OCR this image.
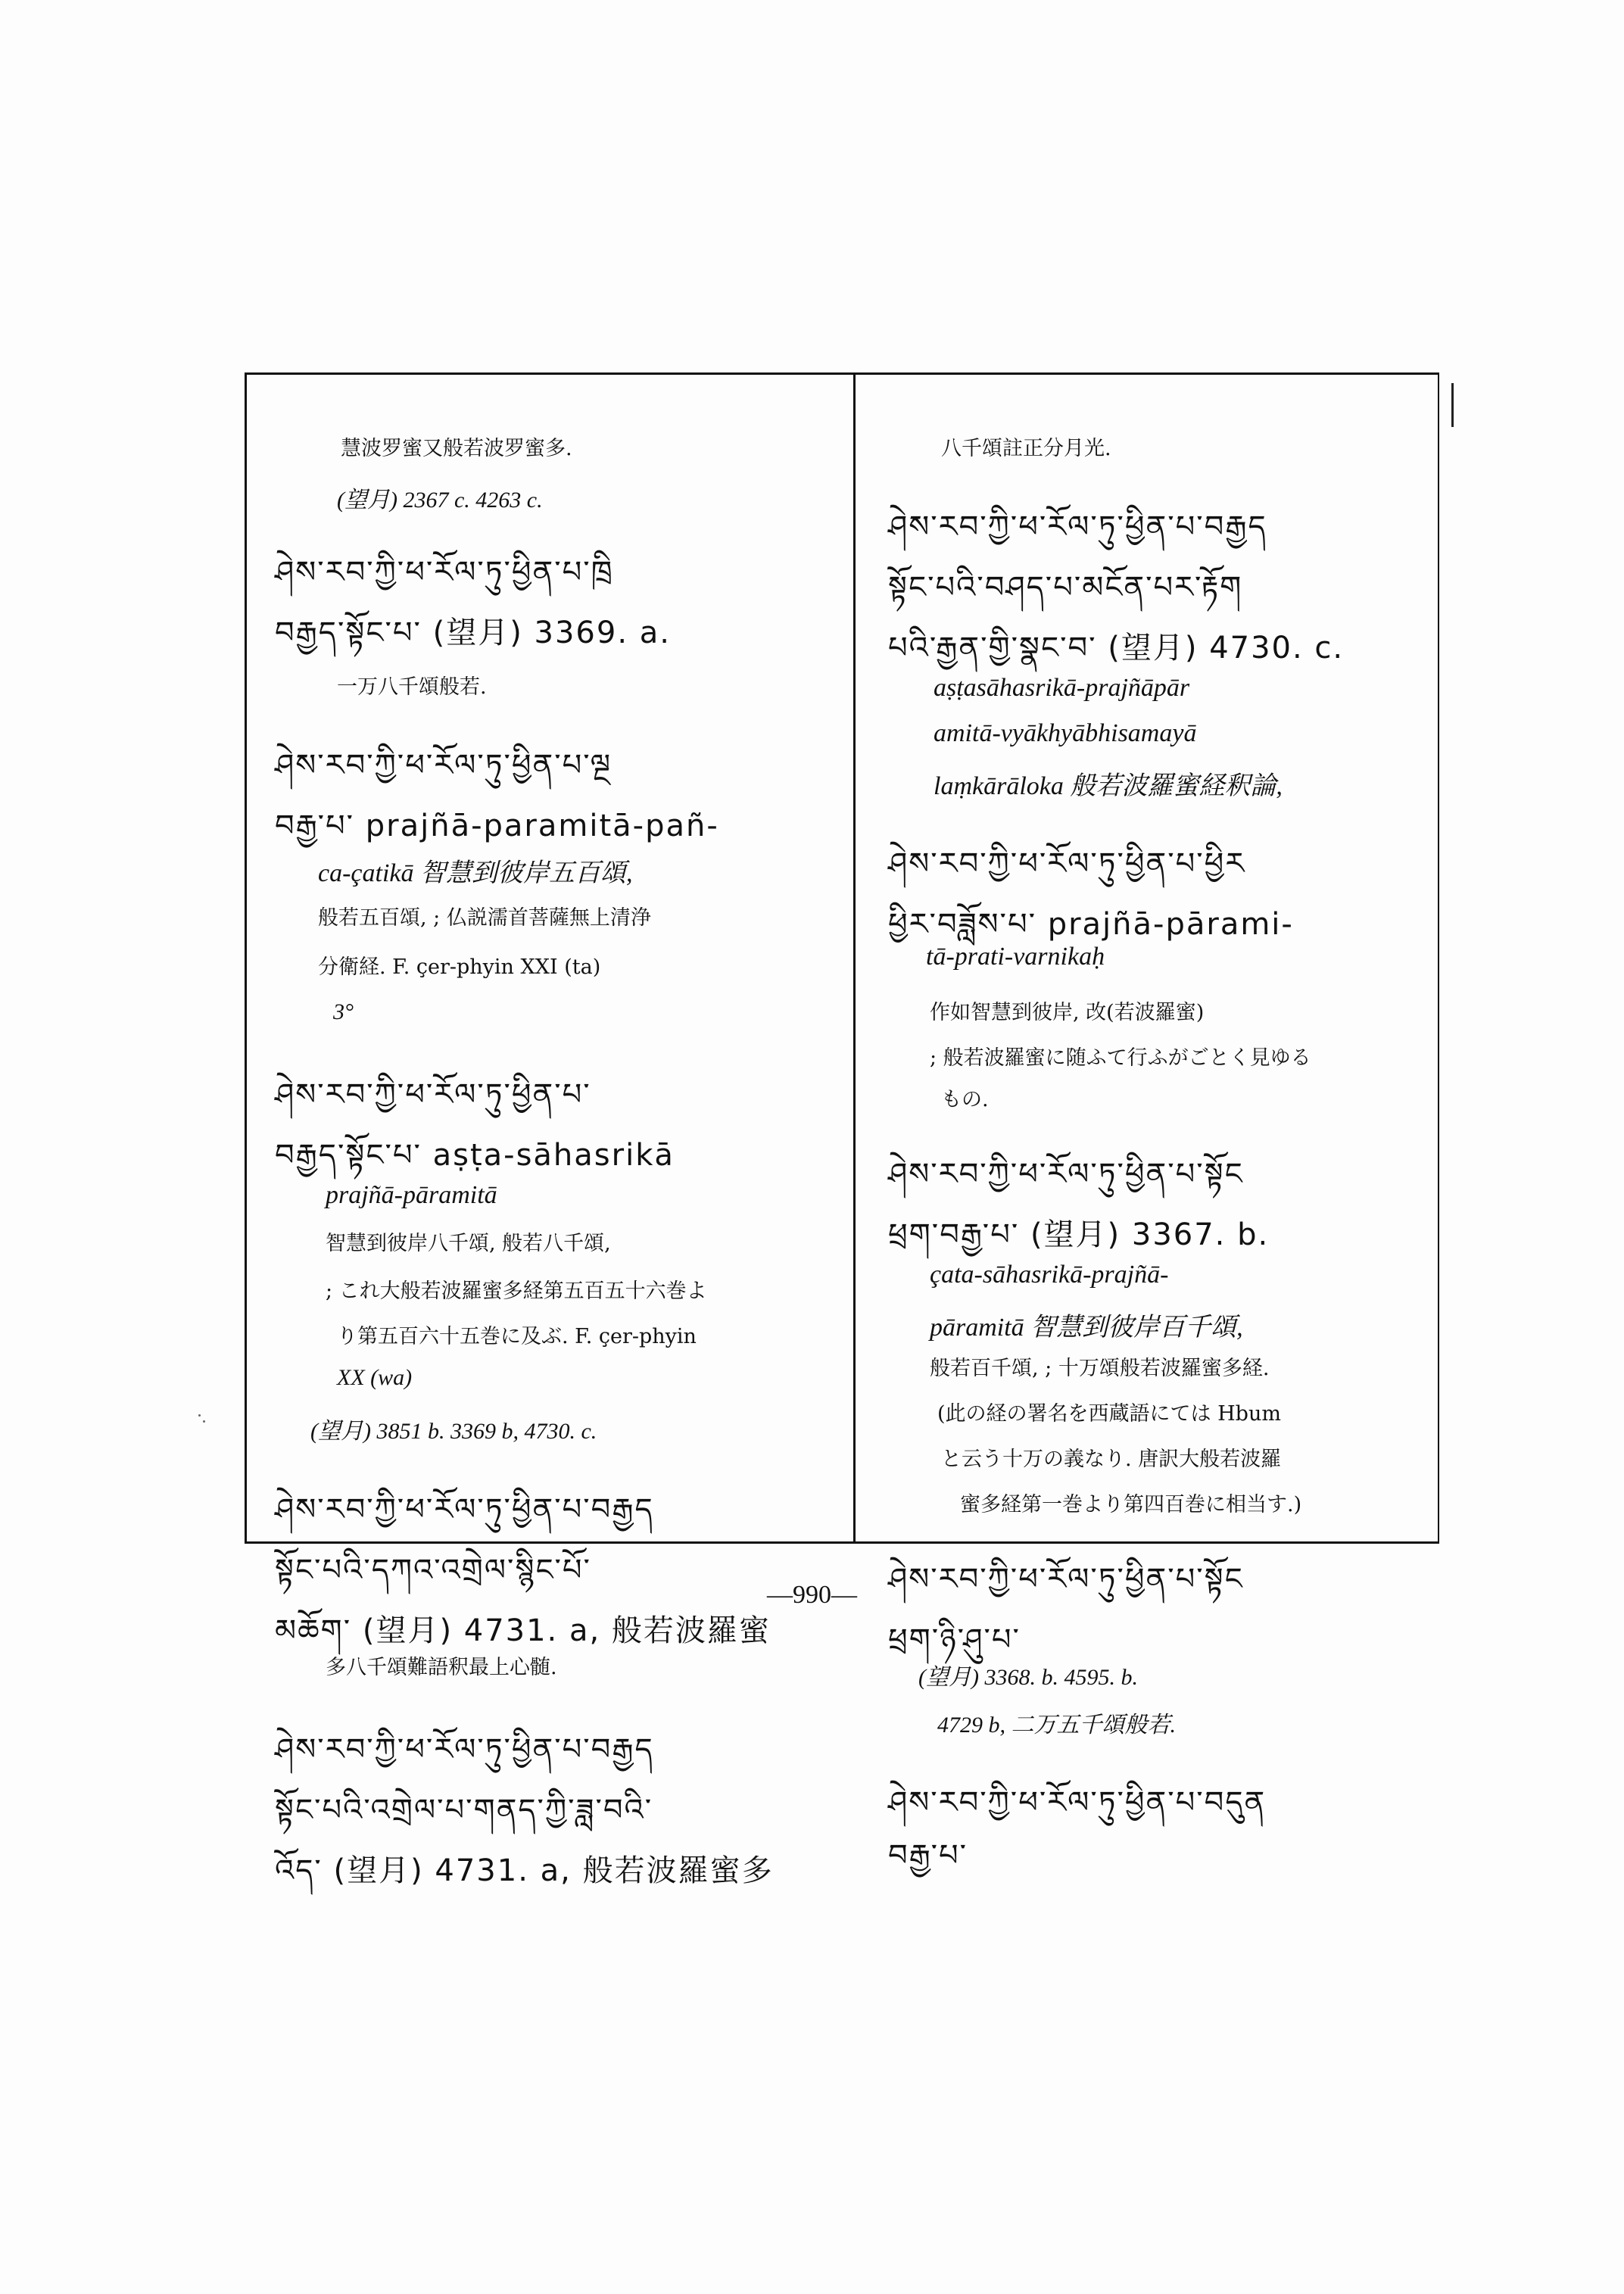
慧波罗蜜又般若波罗蜜多.
(望月) 2367 c. 4263 c.
ཤེས་རབ་ཀྱི་ཕ་རོལ་ཏུ་ཕྱིན་པ་ཁྲི
བརྒྱད་སྟོང་པ་ (望月) 3369. a.
一万八千頌般若.
ཤེས་རབ་ཀྱི་ཕ་རོལ་ཏུ་ཕྱིན་པ་ལྔ
བརྒྱ་པ་ prajñā-paramitā-pañ-
ca-çatikā 智慧到彼岸五百頌,
般若五百頌, ; 仏説濡首菩薩無上清浄
分衛経. F. çer-phyin XXI (ta)
3°
ཤེས་རབ་ཀྱི་ཕ་རོལ་ཏུ་ཕྱིན་པ་
བརྒྱད་སྟོང་པ་ aṣṭa-sāhasrikā
prajñā-pāramitā
智慧到彼岸八千頌, 般若八千頌,
; これ大般若波羅蜜多経第五百五十六巻よ
り第五百六十五巻に及ぶ. F. çer-phyin
XX (wa)
(望月) 3851 b. 3369 b, 4730. c.
ཤེས་རབ་ཀྱི་ཕ་རོལ་ཏུ་ཕྱིན་པ་བརྒྱད
སྟོང་པའི་དཀའ་འགྲེལ་སྙིང་པོ་
མཆོག་ (望月) 4731. a, 般若波羅蜜
多八千頌難語釈最上心髄.
ཤེས་རབ་ཀྱི་ཕ་རོལ་ཏུ་ཕྱིན་པ་བརྒྱད
སྟོང་པའི་འགྲེལ་པ་གནད་ཀྱི་ཟླ་བའི་
འོད་ (望月) 4731. a, 般若波羅蜜多
八千頌註正分月光.
ཤེས་རབ་ཀྱི་ཕ་རོལ་ཏུ་ཕྱིན་པ་བརྒྱད
སྟོང་པའི་བཤད་པ་མངོན་པར་རྟོག
པའི་རྒྱན་གྱི་སྣང་བ་ (望月) 4730. c.
aṣṭasāhasrikā-prajñāpār
amitā-vyākhyābhisamayā
laṃkārāloka 般若波羅蜜経釈論,
ཤེས་རབ་ཀྱི་ཕ་རོལ་ཏུ་ཕྱིན་པ་ཕྱིར
ཕྱིར་བཟློས་པ་ prajñā-pārami-
tā-prati-varnikaḥ
作如智慧到彼岸, 改(若波羅蜜)
; 般若波羅蜜に随ふて行ふがごとく見ゆる
もの.
ཤེས་རབ་ཀྱི་ཕ་རོལ་ཏུ་ཕྱིན་པ་སྟོང
ཕྲག་བརྒྱ་པ་ (望月) 3367. b.
çata-sāhasrikā-prajñā-
pāramitā 智慧到彼岸百千頌,
般若百千頌, ; 十万頌般若波羅蜜多経.
(此の経の署名を西蔵語にては Hbum
と云う十万の義なり. 唐訳大般若波羅
蜜多経第一巻より第四百巻に相当す.)
ཤེས་རབ་ཀྱི་ཕ་རོལ་ཏུ་ཕྱིན་པ་སྟོང
ཕྲག་ཉི་ཤུ་པ་
(望月) 3368. b. 4595. b.
4729 b, 二万五千頌般若.
ཤེས་རབ་ཀྱི་ཕ་རོལ་ཏུ་ཕྱིན་པ་བདུན
བརྒྱ་པ་
—990—
